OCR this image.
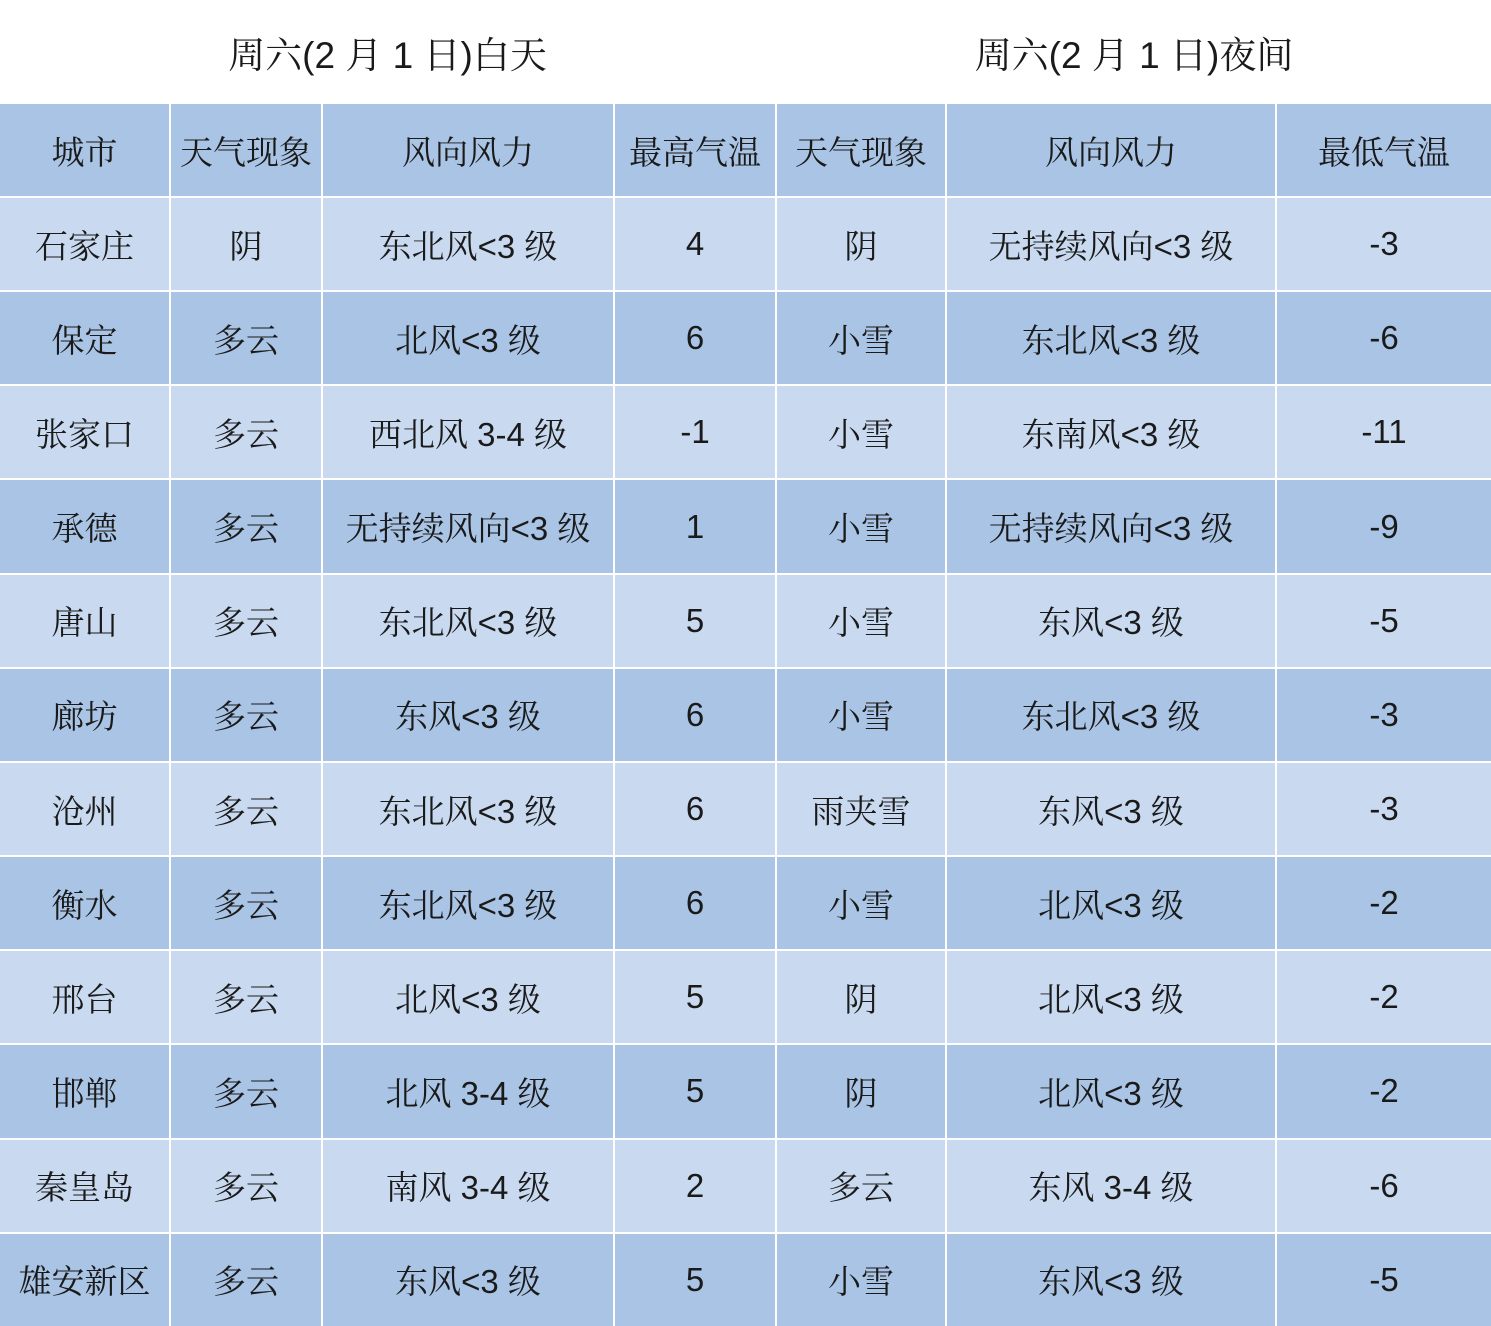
周六(2 月 1 日)白天				周六(2 月 1 日)夜间		
城市	天气现象	风向风力	最高气温	天气现象	风向风力	最低气温
石家庄	阴	东北风<3 级	4	阴	无持续风向<3 级	-3
保定	多云	北风<3 级	6	小雪	东北风<3 级	-6
张家口	多云	西北风 3-4 级	-1	小雪	东南风<3 级	-11
承德	多云	无持续风向<3 级	1	小雪	无持续风向<3 级	-9
唐山	多云	东北风<3 级	5	小雪	东风<3 级	-5
廊坊	多云	东风<3 级	6	小雪	东北风<3 级	-3
沧州	多云	东北风<3 级	6	雨夹雪	东风<3 级	-3
衡水	多云	东北风<3 级	6	小雪	北风<3 级	-2
邢台	多云	北风<3 级	5	阴	北风<3 级	-2
邯郸	多云	北风 3-4 级	5	阴	北风<3 级	-2
秦皇岛	多云	南风 3-4 级	2	多云	东风 3-4 级	-6
雄安新区	多云	东风<3 级	5	小雪	东风<3 级	-5
